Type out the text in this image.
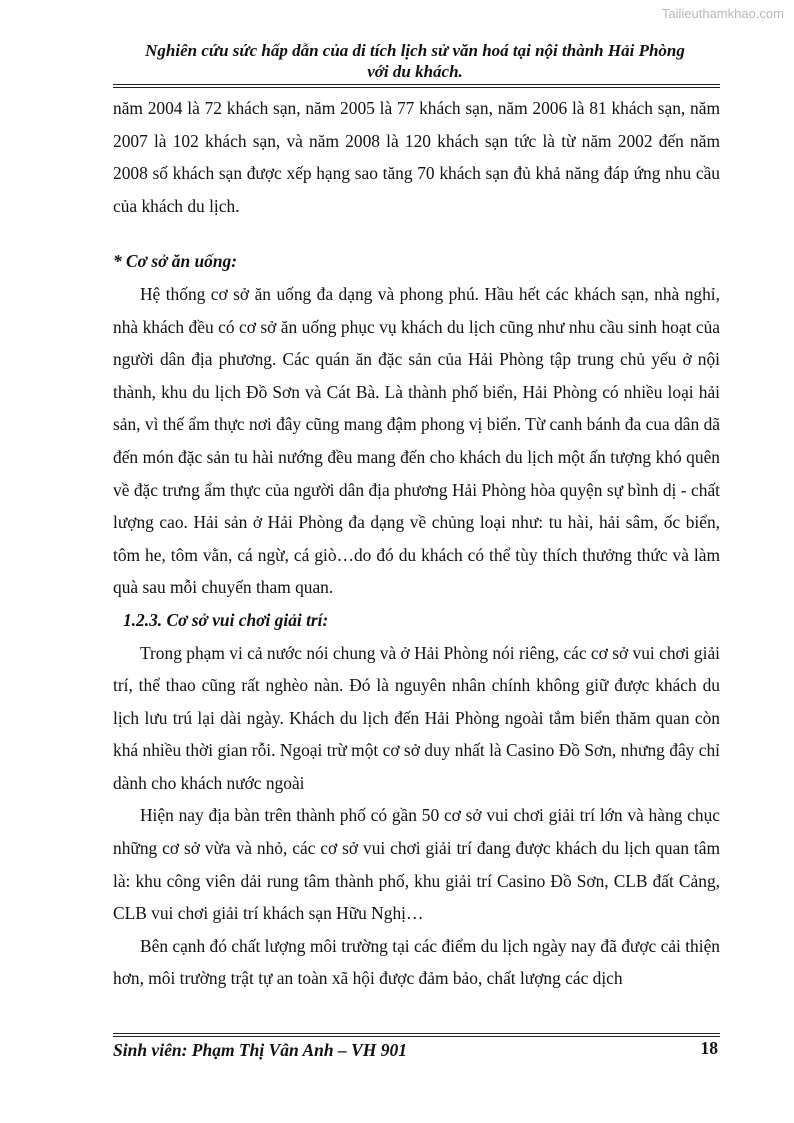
Tailieuthamkhao.com
Nghiên cứu sức hấp dẫn của di tích lịch sử văn hoá tại nội thành Hải Phòng
với du khách.

năm 2004 là 72 khách sạn, năm 2005 là 77 khách sạn, năm 2006 là 81 khách sạn, năm 2007 là 102 khách sạn, và năm 2008 là 120 khách sạn tức là từ năm 2002 đến năm 2008 số khách sạn được xếp hạng sao tăng 70 khách sạn đủ khả năng đáp ứng nhu cầu của khách du lịch.

* Cơ sở ăn uống:

Hệ thống cơ sở ăn uống đa dạng và phong phú. Hầu hết các khách sạn, nhà nghỉ, nhà khách đều có cơ sở ăn uống phục vụ khách du lịch cũng như nhu cầu sinh hoạt của người dân địa phương. Các quán ăn đặc sản của Hải Phòng tập trung chủ yếu ở nội thành, khu du lịch Đồ Sơn và Cát Bà. Là thành phố biển, Hải Phòng có nhiều loại hải sản, vì thế ẩm thực nơi đây cũng mang đậm phong vị biển. Từ canh bánh đa cua dân dã đến món đặc sản tu hài nướng đều mang đến cho khách du lịch một ấn tượng khó quên về đặc trưng ẩm thực của người dân địa phương Hải Phòng hòa quyện sự bình dị - chất lượng cao. Hải sản ở Hải Phòng đa dạng về chủng loại như: tu hài, hải sâm, ốc biển, tôm he, tôm vằn, cá ngừ, cá giò…do đó du khách có thể tùy thích thưởng thức và làm quà sau mỗi chuyến tham quan.

1.2.3. Cơ sở vui chơi giải trí:

Trong phạm vi cả nước nói chung và ở Hải Phòng nói riêng, các cơ sở vui chơi giải trí, thể thao cũng rất nghèo nàn. Đó là nguyên nhân chính không giữ được khách du lịch lưu trú lại dài ngày. Khách du lịch đến Hải Phòng ngoài tắm biển thăm quan còn khá nhiều thời gian rỗi. Ngoại trừ một cơ sở duy nhất là Casino Đồ Sơn, nhưng đây chỉ dành cho khách nước ngoài

Hiện nay địa bàn trên thành phố có gần 50 cơ sở vui chơi giải trí lớn và hàng chục những cơ sở vừa và nhỏ, các cơ sở vui chơi giải trí đang được khách du lịch quan tâm là: khu công viên dải rung tâm thành phố, khu giải trí Casino Đồ Sơn, CLB đất Cảng, CLB vui chơi giải trí khách sạn Hữu Nghị…

Bên cạnh đó chất lượng môi trường tại các điểm du lịch ngày nay đã được cải thiện hơn, môi trường trật tự an toàn xã hội được đảm bảo, chất lượng các dịch

Sinh viên: Phạm Thị Vân Anh – VH 901	18
